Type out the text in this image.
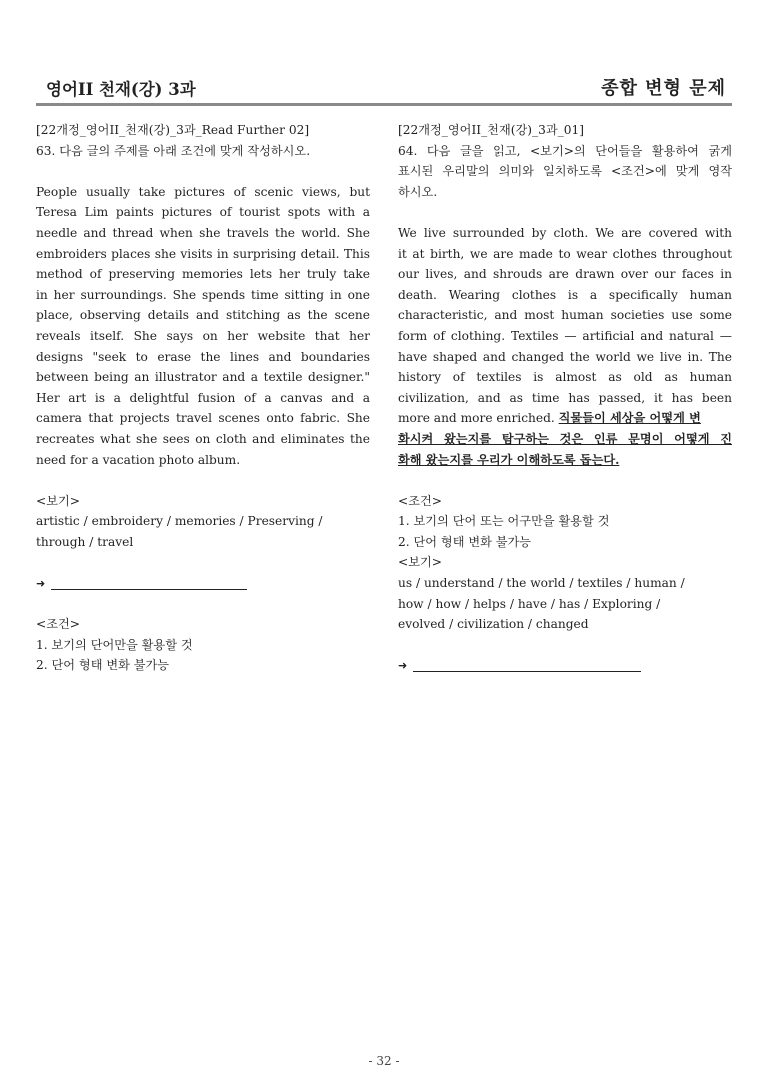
영어II 천재(강) 3과	종합 변형 문제
[22개정_영어II_천재(강)_3과_Read Further 02]
63. 다음 글의 주제를 아래 조건에 맞게 작성하시오.
People usually take pictures of scenic views, but
Teresa Lim paints pictures of tourist spots with a
needle and thread when she travels the world. She
embroiders places she visits in surprising detail. This
method of preserving memories lets her truly take
in her surroundings. She spends time sitting in one
place, observing details and stitching as the scene
reveals itself. She says on her website that her
designs "seek to erase the lines and boundaries
between being an illustrator and a textile designer."
Her art is a delightful fusion of a canvas and a
camera that projects travel scenes onto fabric. She
recreates what she sees on cloth and eliminates the
need for a vacation photo album.
<보기>
artistic / embroidery / memories / Preserving /
through / travel
➜
<조건>
1. 보기의 단어만을 활용할 것
2. 단어 형태 변화 불가능
[22개정_영어II_천재(강)_3과_01]
64. 다음 글을 읽고, <보기>의 단어들을 활용하여 굵게
표시된 우리말의 의미와 일치하도록 <조건>에 맞게 영작
하시오.
We live surrounded by cloth. We are covered with
it at birth, we are made to wear clothes throughout
our lives, and shrouds are drawn over our faces in
death. Wearing clothes is a specifically human
characteristic, and most human societies use some
form of clothing. Textiles — artificial and natural —
have shaped and changed the world we live in. The
history of textiles is almost as old as human
civilization, and as time has passed, it has been
more and more enriched. 직물들이 세상을 어떻게 변
화시켜 왔는지를 탐구하는 것은 인류 문명이 어떻게 진
화해 왔는지를 우리가 이해하도록 돕는다.
<조건>
1. 보기의 단어 또는 어구만을 활용할 것
2. 단어 형태 변화 불가능
<보기>
us / understand / the world / textiles / human /
how / how / helps / have / has / Exploring /
evolved / civilization / changed
➜
- 32 -
